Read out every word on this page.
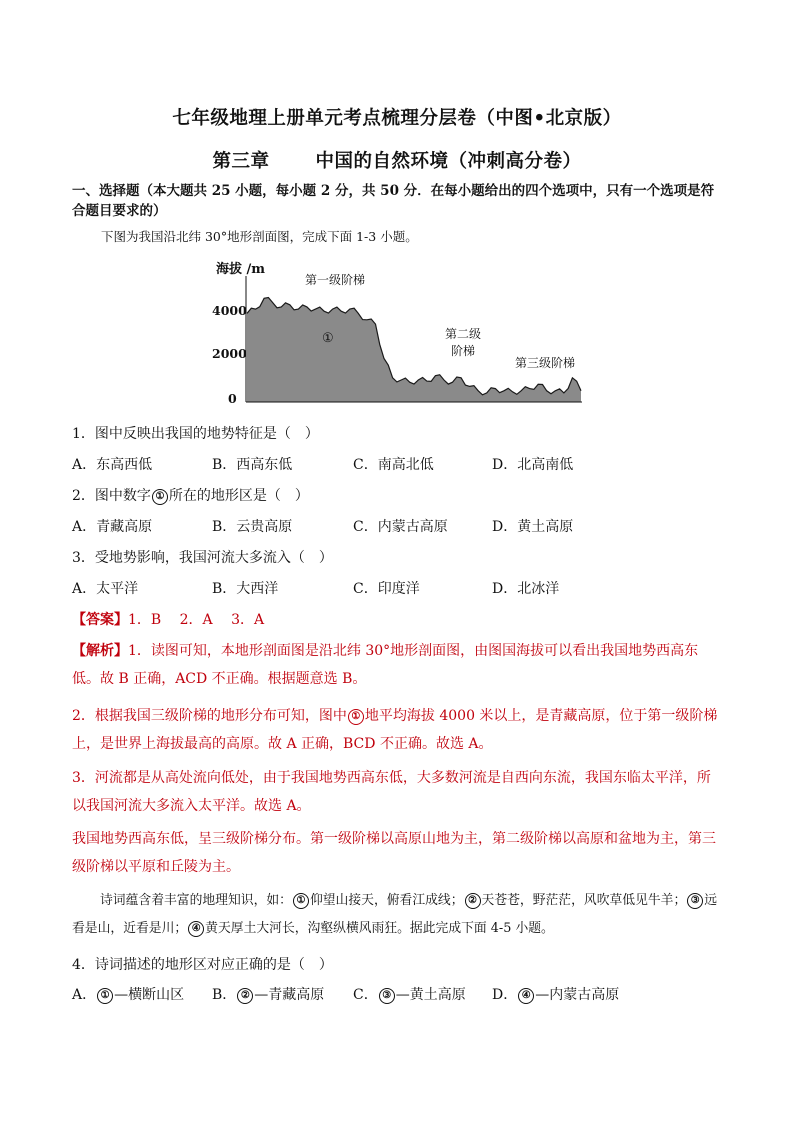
七年级地理上册单元考点梳理分层卷（中图•北京版）
第三章 中国的自然环境（冲刺高分卷）
一、选择题（本大题共 25 小题，每小题 2 分，共 50 分．在每小题给出的四个选项中，只有一个选项是符合题目要求的）
下图为我国沿北纬 30°地形剖面图，完成下面 1-3 小题。
海拔 /m
4000
2000
0
第一级阶梯
①	第二级
阶梯
第三级阶梯
1．图中反映出我国的地势特征是（　）
A．东高西低	B．西高东低	C．南高北低	D．北高南低
2．图中数字 ① 所在的地形区是（　）
A．青藏高原	B．云贵高原	C．内蒙古高原	D．黄土高原
3．受地势影响，我国河流大多流入（　）
A．太平洋	B．大西洋	C．印度洋	D．北冰洋
【答案】1．B　 2．A　 3．A
【解析】1．读图可知，本地形剖面图是沿北纬 30°地形剖面图，由图国海拔可以看出我国地势西高东低。故 B 正确，ACD 不正确。根据题意选 B。
2．根据我国三级阶梯的地形分布可知，图中 ① 地平均海拔 4000 米以上，是青藏高原，位于第一级阶梯上，是世界上海拔最高的高原。故 A 正确，BCD 不正确。故选 A。
3．河流都是从高处流向低处，由于我国地势西高东低，大多数河流是自西向东流，我国东临太平洋，所以我国河流大多流入太平洋。故选 A。
我国地势西高东低，呈三级阶梯分布。第一级阶梯以高原山地为主，第二级阶梯以高原和盆地为主，第三级阶梯以平原和丘陵为主。
诗词蕴含着丰富的地理知识，如： ① 仰望山接天，俯看江成线； ② 天苍苍，野茫茫，风吹草低见牛羊； ③ 远看是山，近看是川； ④ 黄天厚土大河长，沟壑纵横风雨狂。据此完成下面 4-5 小题。
4．诗词描述的地形区对应正确的是（　）
A． ① —横断山区 B． ② —青藏高原 C． ③ —黄土高原 D． ④ —内蒙古高原
